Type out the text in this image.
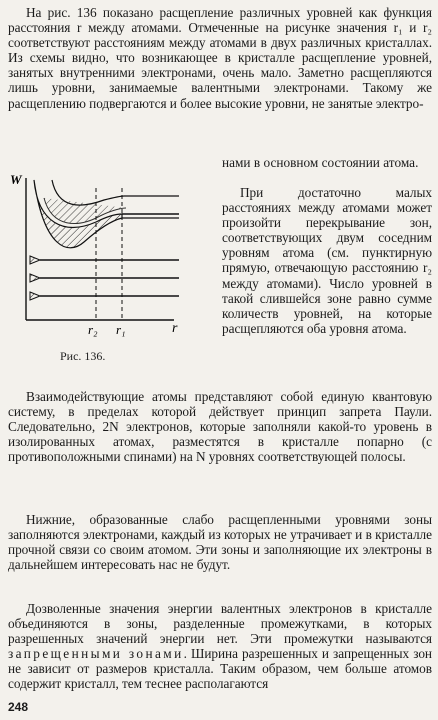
На рис. 136 показано расщепление различных уровней как функция расстояния r между атомами. Отмеченные на рисунке значения r₁ и r₂ соответствуют расстояниям между атомами в двух различных кристаллах. Из схемы видно, что возникающее в кристалле расщепление уровней, занятых внутренними электронами, очень мало. Заметно расщепляются лишь уровни, занимаемые валентными электронами. Такому же расщеплению подвергаются и более высокие уровни, не занятые электро-

нами в основном состоянии атома.
W
r
r₂ r₁
Рис. 136.

При достаточно малых расстояниях между атомами может произойти перекрывание зон, соответствующих двум соседним уровням атома (см. пунктирную прямую, отвечающую расстоянию r₂ между атомами). Число уровней в такой слившейся зоне равно сумме количеств уровней, на которые расщепляются оба уровня атома.

Взаимодействующие атомы представляют собой единую квантовую систему, в пределах которой действует принцип запрета Паули. Следовательно, 2N электронов, которые заполняли какой-то уровень в изолированных атомах, разместятся в кристалле попарно (с противоположными спинами) на N уровнях соответствующей полосы.

Нижние, образованные слабо расщепленными уровнями зоны заполняются электронами, каждый из которых не утрачивает и в кристалле прочной связи со своим атомом. Эти зоны и заполняющие их электроны в дальнейшем интересовать нас не будут.

Дозволенные значения энергии валентных электронов в кристалле объединяются в зоны, разделенные промежутками, в которых разрешенных значений энергии нет. Эти промежутки называются запрещенными зонами. Ширина разрешенных и запрещенных зон не зависит от размеров кристалла. Таким образом, чем больше атомов содержит кристалл, тем теснее располагаются

248
